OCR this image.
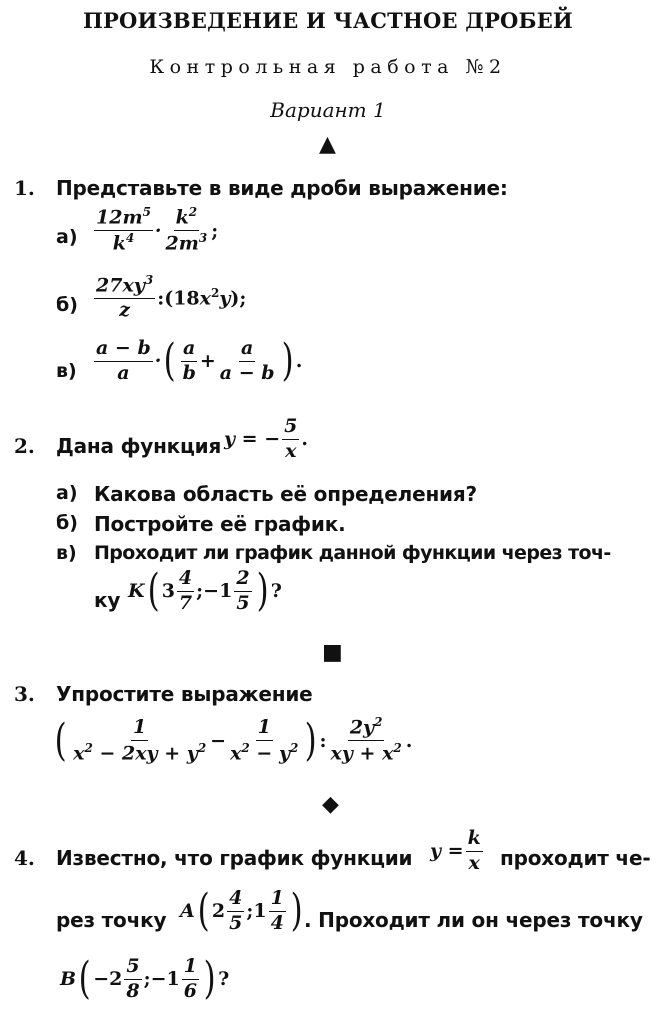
ПРОИЗВЕДЕНИЕ И ЧАСТНОЕ ДРОБЕЙ
Контрольная работа №2
Вариант 1
▲
1. Представьте в виде дроби выражение:
$а) \frac{12m^5}{k^4} \cdot \frac{k^2}{2m^3}$ ;
$б) \frac{27xy^3}{z}$ $:(18x^2y)$;
$в) \frac{a - b}{a}$ · ( $\frac{a}{b} + \frac{a}{a - b}$ ) .
2. Дана функция y = − $\frac{5}{x}$ .
а) Какова область её определения?
б) Постройте её график.
в) Проходит ли график данной функции через точ-
ку K ( $3 \frac{4}{7}$ ;−1 $\frac{2}{5}$ ) ?
■
3. Упростите выражение
( $\frac{1}{x^2 - 2xy + y^2} - \frac{1}{x^2 - y^2}$ ) : $\frac{2y^2}{xy + x^2}$ .
◆
4. Известно, что график функции $y = \frac{k}{x}$ проходит че-
рез точку A ( $2 \frac{4}{5}$ ;1 $\frac{1}{4}$ ) . Проходит ли он через точку
B ( $-2 \frac{5}{8}$ ;−1 $\frac{1}{6}$ ) ?
